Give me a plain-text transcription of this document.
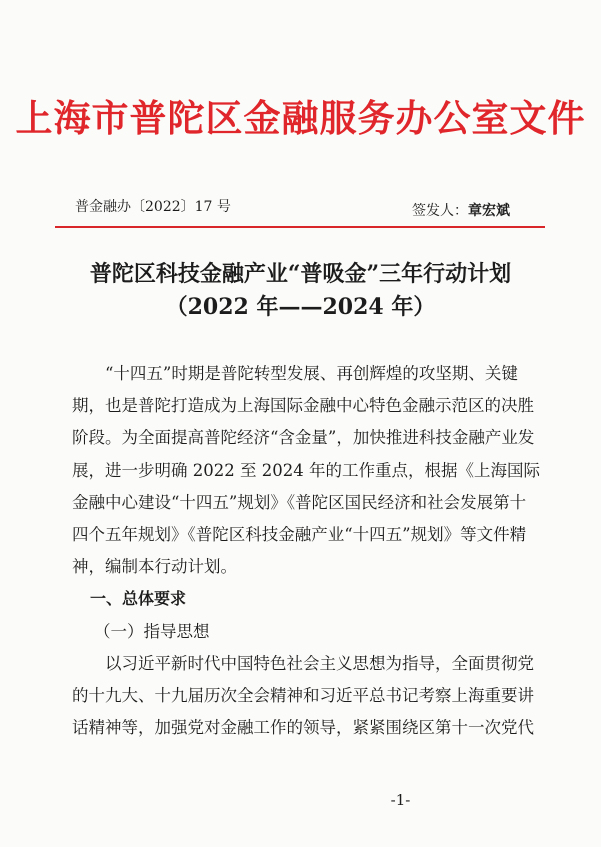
上海市普陀区金融服务办公室文件
普金融办〔2022〕17 号	签发人：章宏斌
普陀区科技金融产业“普吸金”三年行动计划
（2022 年——2024 年）

“十四五”时期是普陀转型发展、再创辉煌的攻坚期、关键期，也是普陀打造成为上海国际金融中心特色金融示范区的决胜阶段。为全面提高普陀经济“含金量”，加快推进科技金融产业发展，进一步明确 2022 至 2024 年的工作重点，根据《上海国际金融中心建设“十四五”规划》《普陀区国民经济和社会发展第十四个五年规划》《普陀区科技金融产业“十四五”规划》等文件精神，编制本行动计划。

一、总体要求

（一）指导思想

以习近平新时代中国特色社会主义思想为指导，全面贯彻党的十九大、十九届历次全会精神和习近平总书记考察上海重要讲话精神等，加强党对金融工作的领导，紧紧围绕区第十一次党代

-1-
